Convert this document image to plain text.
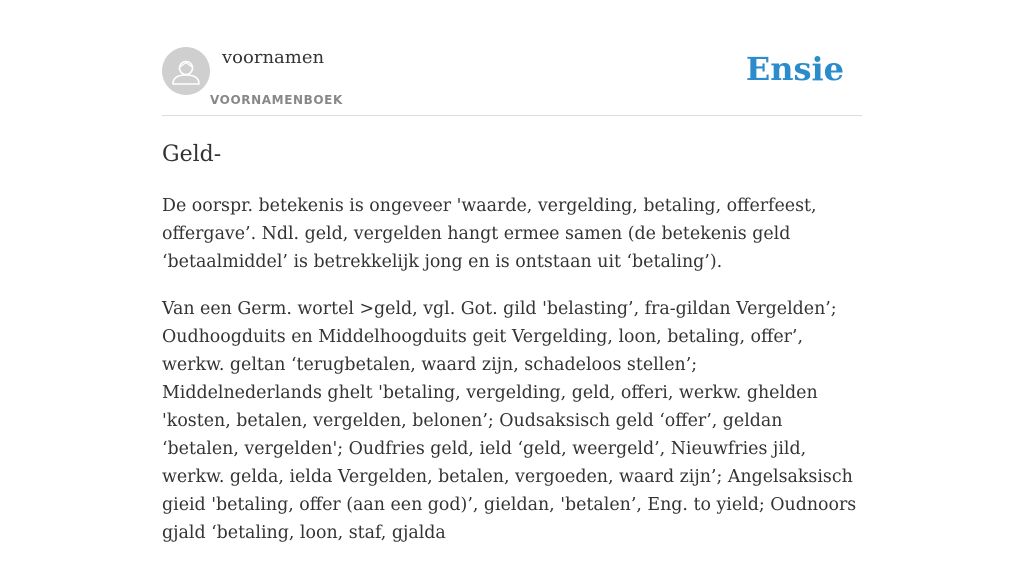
voornamen
VOORNAMENBOEK
Ensie
Geld-

De oorspr. betekenis is ongeveer 'waarde, vergelding, betaling, offerfeest, offergave’. Ndl. geld, vergelden hangt ermee samen (de betekenis geld ‘betaalmiddel’ is betrekkelijk jong en is ontstaan uit ‘betaling’).

Van een Germ. wortel >geld, vgl. Got. gild 'belasting’, fra-gildan Vergelden’; Oudhoogduits en Middelhoogduits geit Vergelding, loon, betaling, offer’, werkw. geltan ‘terugbetalen, waard zijn, schadeloos stellen’; Middelnederlands ghelt 'betaling, vergelding, geld, offeri, werkw. ghelden 'kosten, betalen, vergelden, belonen’; Oudsaksisch geld ‘offer’, geldan ‘betalen, vergelden'; Oudfries geld, ield ‘geld, weergeld’, Nieuwfries jild, werkw. gelda, ielda Vergelden, betalen, vergoeden, waard zijn’; Angelsaksisch gieid 'betaling, offer (aan een god)’, gieldan, 'betalen’, Eng. to yield; Oudnoors gjald ‘betaling, loon, staf, gjalda
